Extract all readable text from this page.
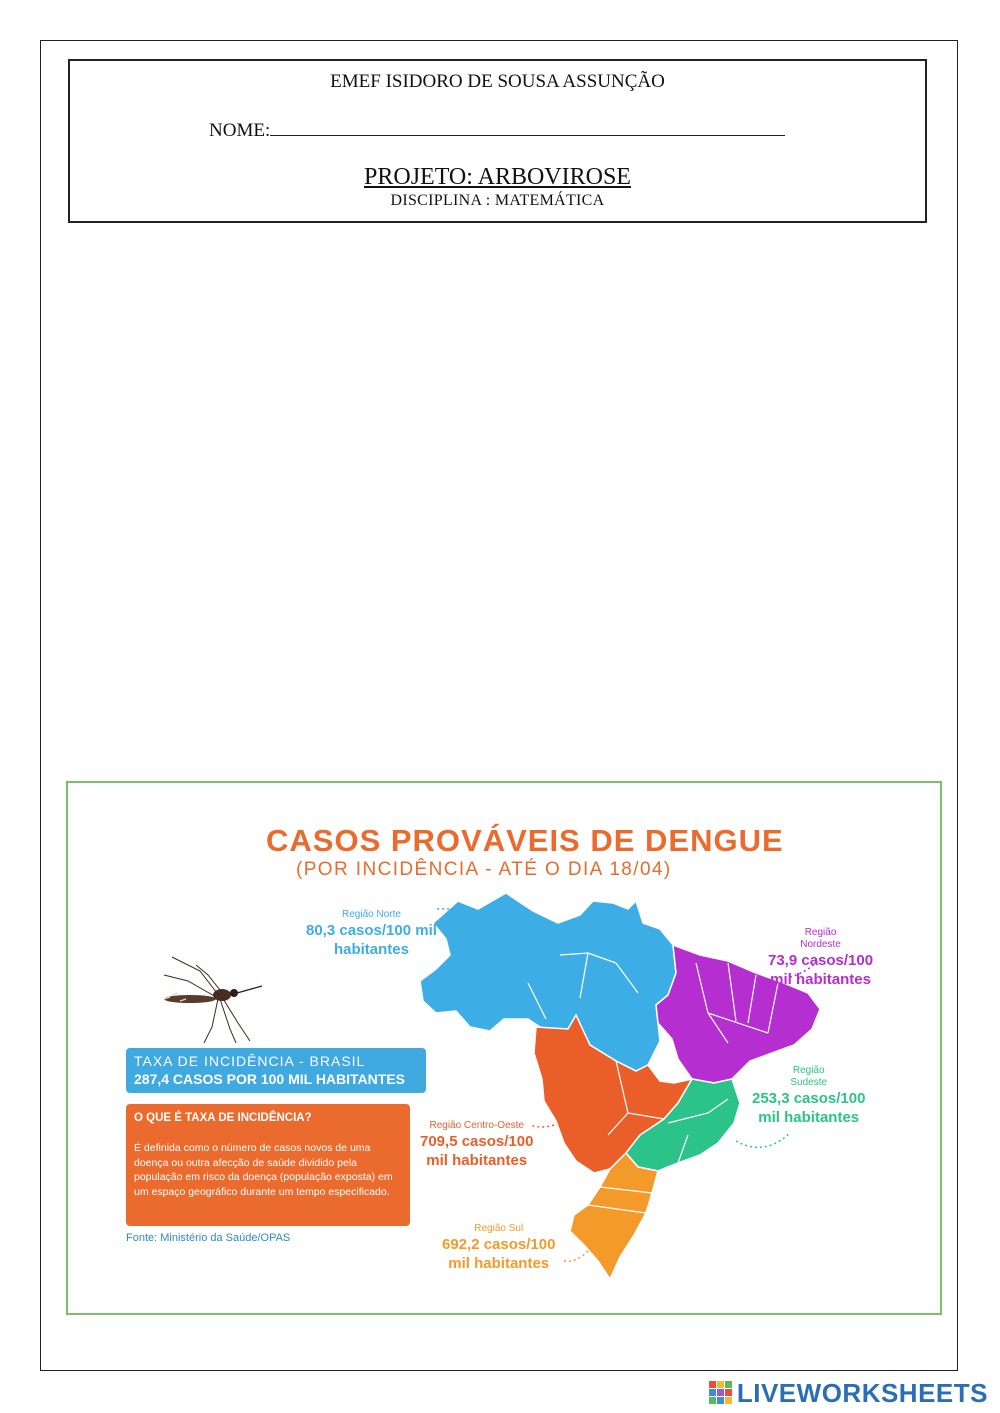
EMEF ISIDORO DE SOUSA ASSUNÇÃO
NOME:
PROJETO: ARBOVIROSE
DISCIPLINA : MATEMÁTICA
CASOS PROVÁVEIS DE DENGUE
(POR INCIDÊNCIA - ATÉ O DIA 18/04)
Região Norte
80,3 casos/100 mil
habitantes
Região
Nordeste
73,9 casos/100
mil habitantes
Região
Sudeste
253,3 casos/100
mil habitantes
Região Centro-Oeste
709,5 casos/100
mil habitantes
Região Sul
692,2 casos/100
mil habitantes
TAXA DE INCIDÊNCIA - BRASIL
287,4 CASOS POR 100 MIL HABITANTES
O QUE É TAXA DE INCIDÊNCIA?
É definida como o número de casos novos de uma doença ou outra afecção de saúde dividido pela população em risco da doença (população exposta) em um espaço geográfico durante um tempo especificado.
Fonte: Ministério da Saúde/OPAS
LIVEWORKSHEETS
